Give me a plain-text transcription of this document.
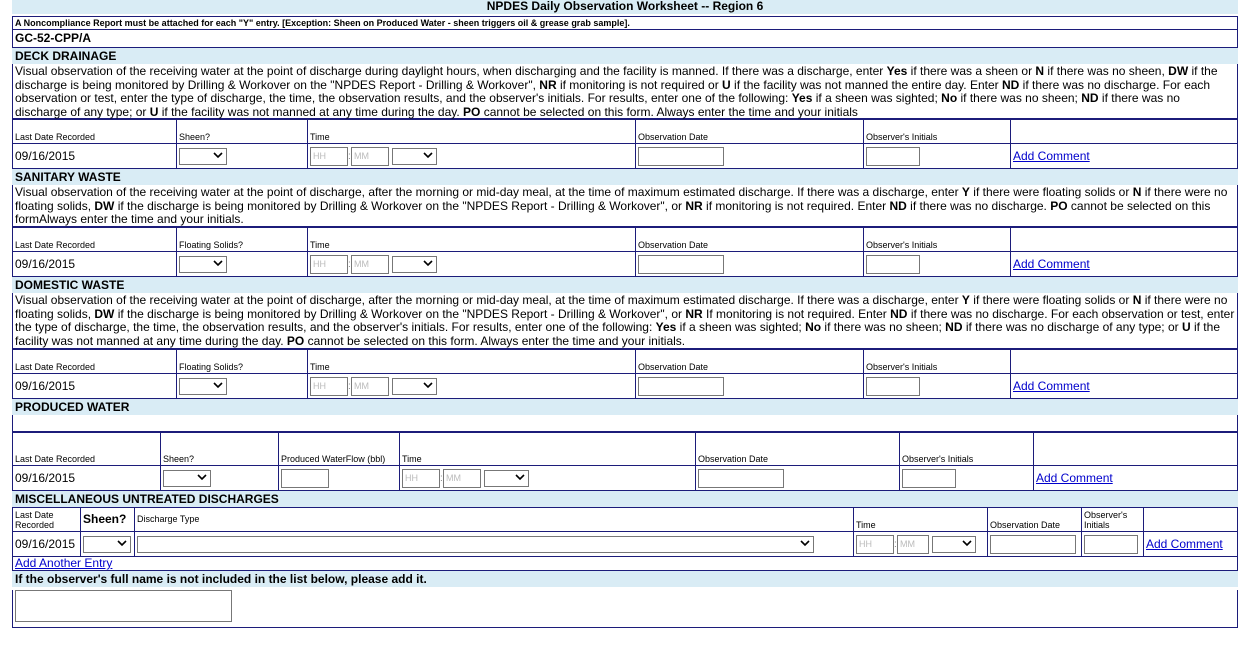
NPDES Daily Observation Worksheet -- Region 6
A Noncompliance Report must be attached for each "Y" entry. [Exception: Sheen on Produced Water - sheen triggers oil & grease grab sample].
GC-52-CPP/A
DECK DRAINAGE
Visual observation of the receiving water at the point of discharge during daylight hours, when discharging and the facility is manned. If there was a discharge, enter Yes if there was a sheen or N if there was no sheen, DW if the discharge is being monitored by Drilling & Workover on the "NPDES Report - Drilling & Workover", NR if monitoring is not required or U if the facility was not manned the entire day. Enter ND if there was no discharge. For each observation or test, enter the type of discharge, the time, the observation results, and the observer's initials. For results, enter one of the following: Yes if a sheen was sighted; No if there was no sheen; ND if there was no discharge of any type; or U if the facility was not manned at any time during the day. PO cannot be selected on this form. Always enter the time and your initials
Last Date Recorded	Sheen?	Time	Observation Date	Observer's Initials	
09/16/2015		HH : MM			Add Comment
SANITARY WASTE
Visual observation of the receiving water at the point of discharge, after the morning or mid-day meal, at the time of maximum estimated discharge. If there was a discharge, enter Y if there were floating solids or N if there were no floating solids, DW if the discharge is being monitored by Drilling & Workover on the "NPDES Report - Drilling & Workover", or NR if monitoring is not required. Enter ND if there was no discharge. PO cannot be selected on this formAlways enter the time and your initials.
Last Date Recorded	Floating Solids?	Time	Observation Date	Observer's Initials	
09/16/2015		HH : MM			Add Comment
DOMESTIC WASTE
Visual observation of the receiving water at the point of discharge, after the morning or mid-day meal, at the time of maximum estimated discharge. If there was a discharge, enter Y if there were floating solids or N if there were no floating solids, DW if the discharge is being monitored by Drilling & Workover on the "NPDES Report - Drilling & Workover", or NR If monitoring is not required. Enter ND if there was no discharge. For each observation or test, enter the type of discharge, the time, the observation results, and the observer's initials. For results, enter one of the following: Yes if a sheen was sighted; No if there was no sheen; ND if there was no discharge of any type; or U if the facility was not manned at any time during the day. PO cannot be selected on this form. Always enter the time and your initials.
Last Date Recorded	Floating Solids?	Time	Observation Date	Observer's Initials	
09/16/2015		HH : MM			Add Comment
PRODUCED WATER
Last Date Recorded	Sheen?	Produced WaterFlow (bbl)	Time	Observation Date	Observer's Initials	
09/16/2015			HH : MM			Add Comment
MISCELLANEOUS UNTREATED DISCHARGES
Last Date Recorded	Sheen?	Discharge Type	Time	Observation Date	Observer's Initials	
09/16/2015			HH : MM			Add Comment
Add Another Entry
If the observer's full name is not included in the list below, please add it.
